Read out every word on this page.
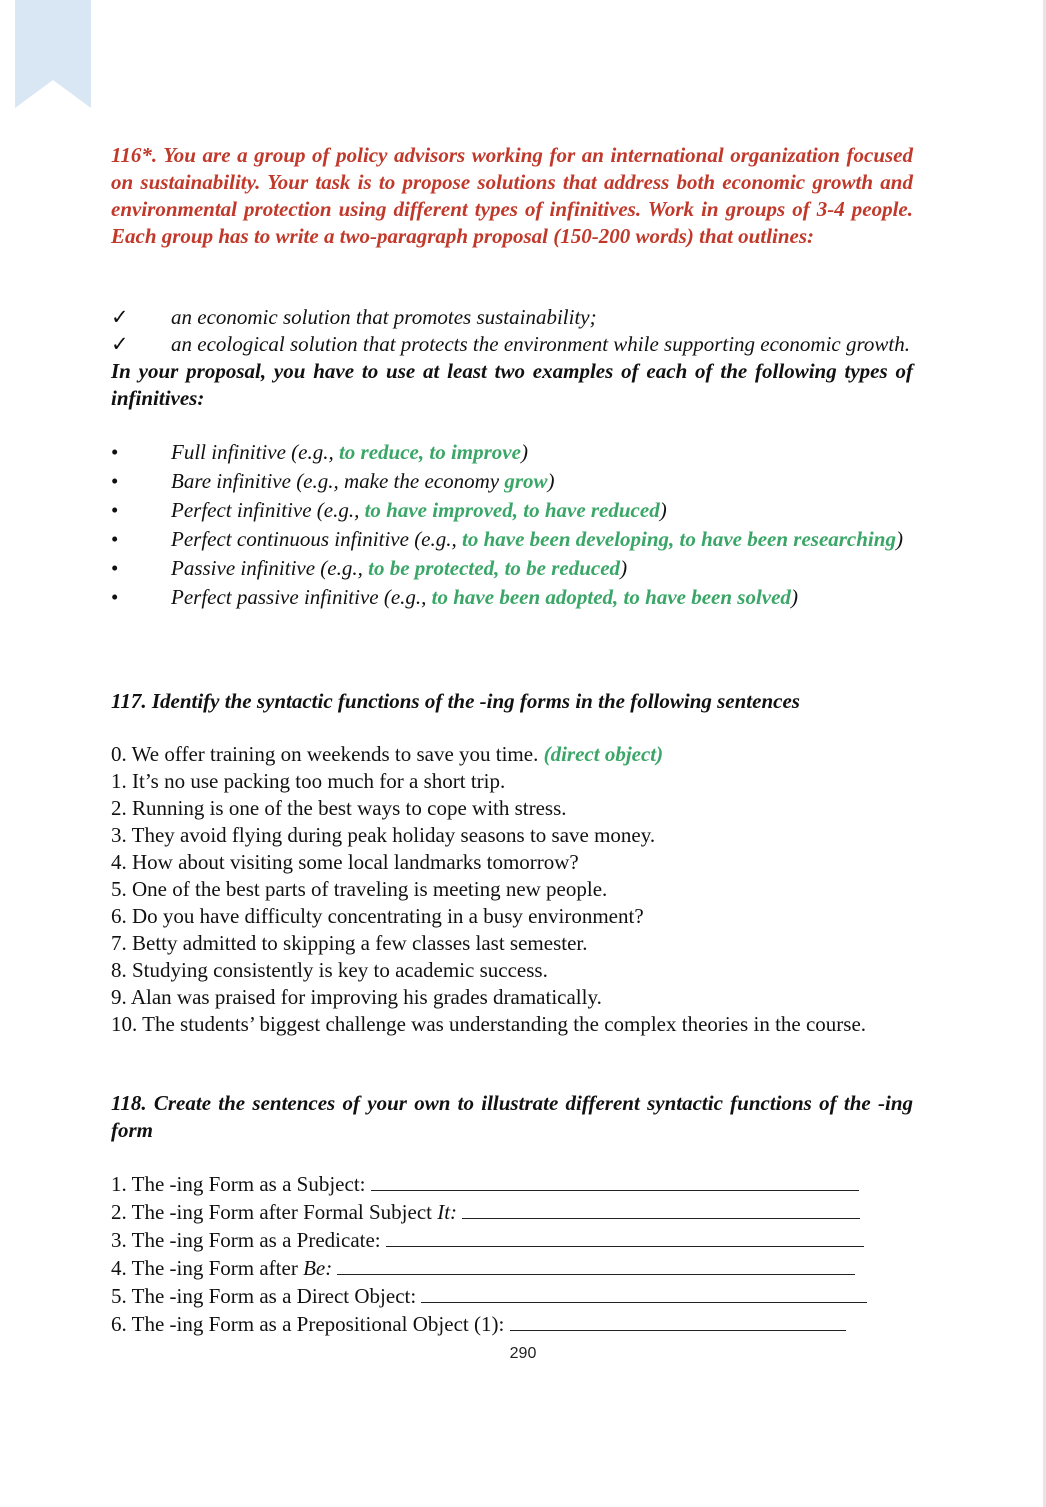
116*. You are a group of policy advisors working for an international organization focused on sustainability. Your task is to propose solutions that address both economic growth and environmental protection using different types of infinitives. Work in groups of 3-4 people. Each group has to write a two-paragraph proposal (150-200 words) that outlines:

✓ an economic solution that promotes sustainability;

✓ an ecological solution that protects the environment while supporting economic growth.

In your proposal, you have to use at least two examples of each of the following types of infinitives:

•	Full infinitive (e.g., to reduce, to improve)

•	Bare infinitive (e.g., make the economy grow)

•	Perfect infinitive (e.g., to have improved, to have reduced)

•	Perfect continuous infinitive (e.g., to have been developing, to have been researching)

•	Passive infinitive (e.g., to be protected, to be reduced)

•	Perfect passive infinitive (e.g., to have been adopted, to have been solved)

117. Identify the syntactic functions of the -ing forms in the following sentences

0. We offer training on weekends to save you time. (direct object)

1. It’s no use packing too much for a short trip.

2. Running is one of the best ways to cope with stress.

3. They avoid flying during peak holiday seasons to save money.

4. How about visiting some local landmarks tomorrow?

5. One of the best parts of traveling is meeting new people.

6. Do you have difficulty concentrating in a busy environment?

7. Betty admitted to skipping a few classes last semester.

8. Studying consistently is key to academic success.

9. Alan was praised for improving his grades dramatically.

10. The students’ biggest challenge was understanding the complex theories in the course.

118. Create the sentences of your own to illustrate different syntactic functions of the -ing form

1. The -ing Form as a Subject:

2. The -ing Form after Formal Subject It:

3. The -ing Form as a Predicate:

4. The -ing Form after Be:

5. The -ing Form as a Direct Object:

6. The -ing Form as a Prepositional Object (1):

290
